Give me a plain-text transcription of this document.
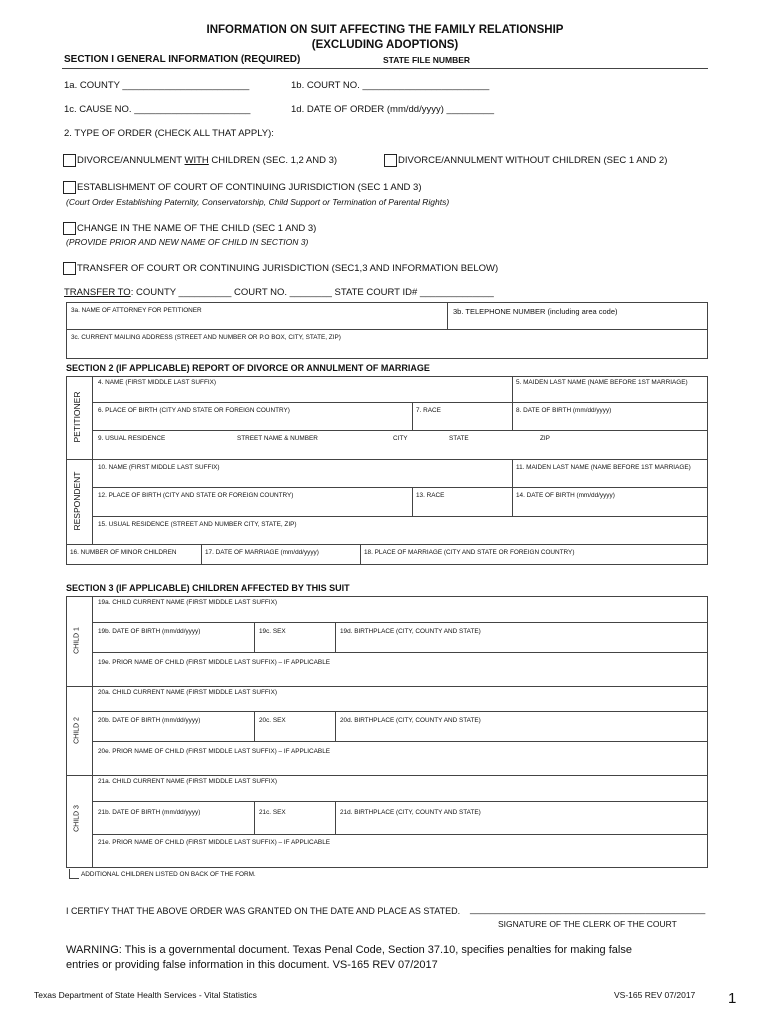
INFORMATION ON SUIT AFFECTING THE FAMILY RELATIONSHIP
(EXCLUDING ADOPTIONS)
SECTION I GENERAL INFORMATION (REQUIRED)	STATE FILE NUMBER
1a. COUNTY ________________________	1b. COURT NO. ________________________
1c. CAUSE NO. ______________________	1d. DATE OF ORDER (mm/dd/yyyy) _________
2. TYPE OF ORDER (CHECK ALL THAT APPLY):
DIVORCE/ANNULMENT WITH CHILDREN (SEC. 1,2 AND 3)	DIVORCE/ANNULMENT WITHOUT CHILDREN (SEC 1 AND 2)
ESTABLISHMENT OF COURT OF CONTINUING JURISDICTION (SEC 1 AND 3)
(Court Order Establishing Paternity, Conservatorship, Child Support or Termination of Parental Rights)
CHANGE IN THE NAME OF THE CHILD (SEC 1 AND 3)
(PROVIDE PRIOR AND NEW NAME OF CHILD IN SECTION 3)
TRANSFER OF COURT OR CONTINUING JURISDICTION (SEC1,3 AND INFORMATION BELOW)
TRANSFER TO: COUNTY __________ COURT NO. ________ STATE COURT ID# ______________
3a. NAME OF ATTORNEY FOR PETITIONER	3b. TELEPHONE NUMBER (including area code)
3c. CURRENT MAILING ADDRESS (STREET AND NUMBER OR P.O BOX, CITY, STATE, ZIP)
SECTION 2 (IF APPLICABLE) REPORT OF DIVORCE OR ANNULMENT OF MARRIAGE
PETITIONER
RESPONDENT
4. NAME (FIRST MIDDLE LAST SUFFIX)	5. MAIDEN LAST NAME (NAME BEFORE 1ST MARRIAGE)
6. PLACE OF BIRTH (CITY AND STATE OR FOREIGN COUNTRY)	7. RACE	8. DATE OF BIRTH (mm/dd/yyyy)
9. USUAL RESIDENCE	STREET NAME & NUMBER	CITY	STATE	ZIP
10. NAME (FIRST MIDDLE LAST SUFFIX)	11. MAIDEN LAST NAME (NAME BEFORE 1ST MARRIAGE)
12. PLACE OF BIRTH (CITY AND STATE OR FOREIGN COUNTRY)	13. RACE	14. DATE OF BIRTH (mm/dd/yyyy)
15. USUAL RESIDENCE (STREET AND NUMBER CITY, STATE, ZIP)
16. NUMBER OF MINOR CHILDREN	17. DATE OF MARRIAGE (mm/dd/yyyy)	18. PLACE OF MARRIAGE (CITY AND STATE OR FOREIGN COUNTRY)
SECTION 3 (IF APPLICABLE) CHILDREN AFFECTED BY THIS SUIT
CHILD 1
19a. CHILD CURRENT NAME (FIRST MIDDLE LAST SUFFIX)
19b. DATE OF BIRTH (mm/dd/yyyy)	19c. SEX	19d. BIRTHPLACE (CITY, COUNTY AND STATE)
19e. PRIOR NAME OF CHILD (FIRST MIDDLE LAST SUFFIX) – IF APPLICABLE
CHILD 2
20a. CHILD CURRENT NAME (FIRST MIDDLE LAST SUFFIX)
20b. DATE OF BIRTH (mm/dd/yyyy)	20c. SEX	20d. BIRTHPLACE (CITY, COUNTY AND STATE)
20e. PRIOR NAME OF CHILD (FIRST MIDDLE LAST SUFFIX) – IF APPLICABLE
CHILD 3
21a. CHILD CURRENT NAME (FIRST MIDDLE LAST SUFFIX)
21b. DATE OF BIRTH (mm/dd/yyyy)	21c. SEX	21d. BIRTHPLACE (CITY, COUNTY AND STATE)
21e. PRIOR NAME OF CHILD (FIRST MIDDLE LAST SUFFIX) – IF APPLICABLE
ADDITIONAL CHILDREN LISTED ON BACK OF THE FORM.
I CERTIFY THAT THE ABOVE ORDER WAS GRANTED ON THE DATE AND PLACE AS STATED. _______________________________________________
SIGNATURE OF THE CLERK OF THE COURT
WARNING: This is a governmental document. Texas Penal Code, Section 37.10, specifies penalties for making false
entries or providing false information in this document. VS-165 REV 07/2017
Texas Department of State Health Services - Vital Statistics	VS-165 REV 07/2017 1
